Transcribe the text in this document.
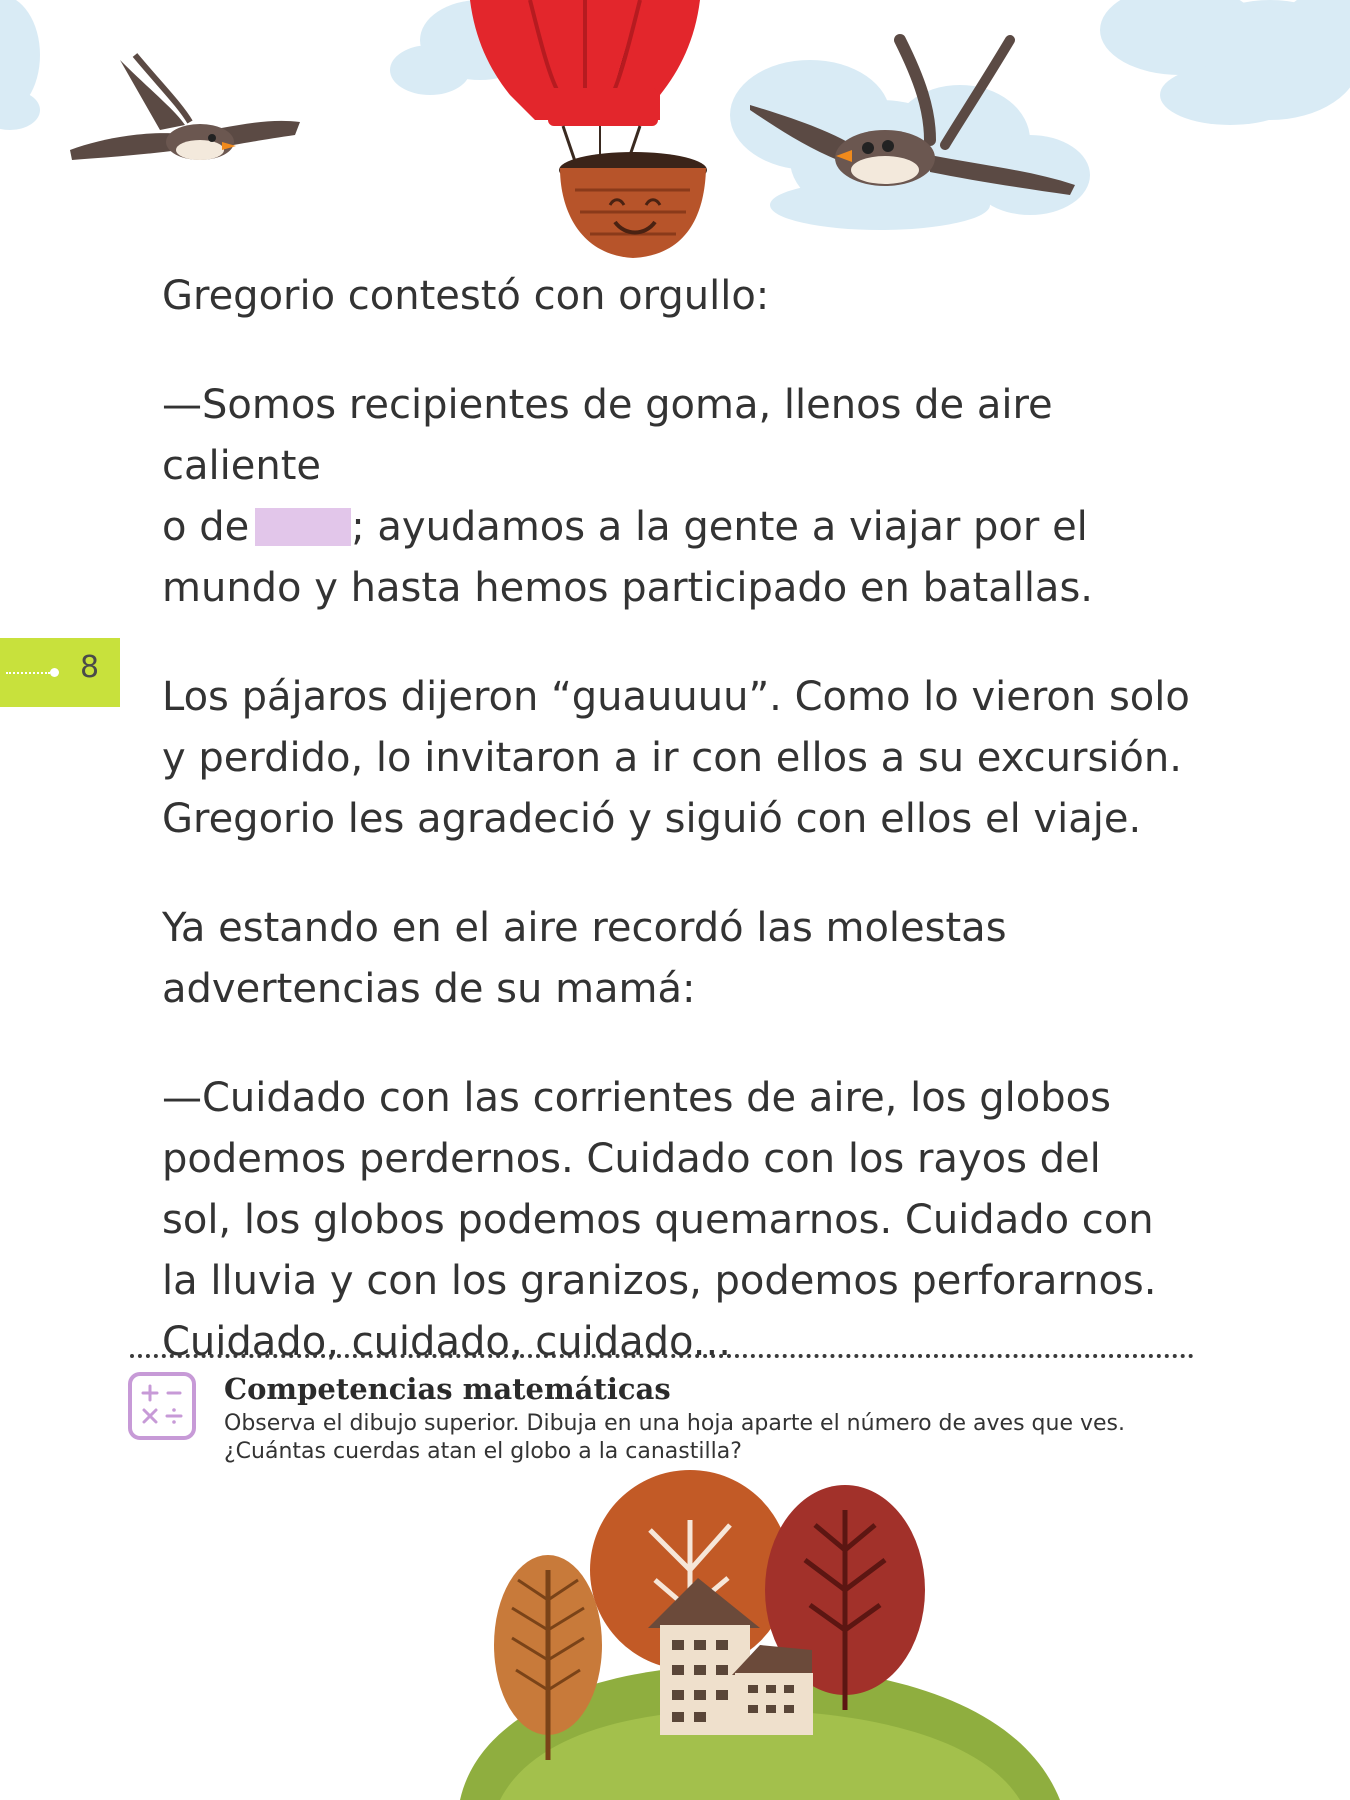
Gregorio contestó con orgullo:

—Somos recipientes de goma, llenos de aire caliente
o de	; ayudamos a la gente a viajar por el
mundo y hasta hemos participado en batallas.

Los pájaros dijeron “guauuuu”. Como lo vieron solo
y perdido, lo invitaron a ir con ellos a su excursión.
Gregorio les agradeció y siguió con ellos el viaje.

Ya estando en el aire recordó las molestas
advertencias de su mamá:

—Cuidado con las corrientes de aire, los globos
podemos perdernos. Cuidado con los rayos del
sol, los globos podemos quemarnos. Cuidado con
la lluvia y con los granizos, podemos perforarnos.
Cuidado, cuidado, cuidado...

8
Competencias matemáticas

Observa el dibujo superior. Dibuja en una hoja aparte el número de aves que ves.

¿Cuántas cuerdas atan el globo a la canastilla?
